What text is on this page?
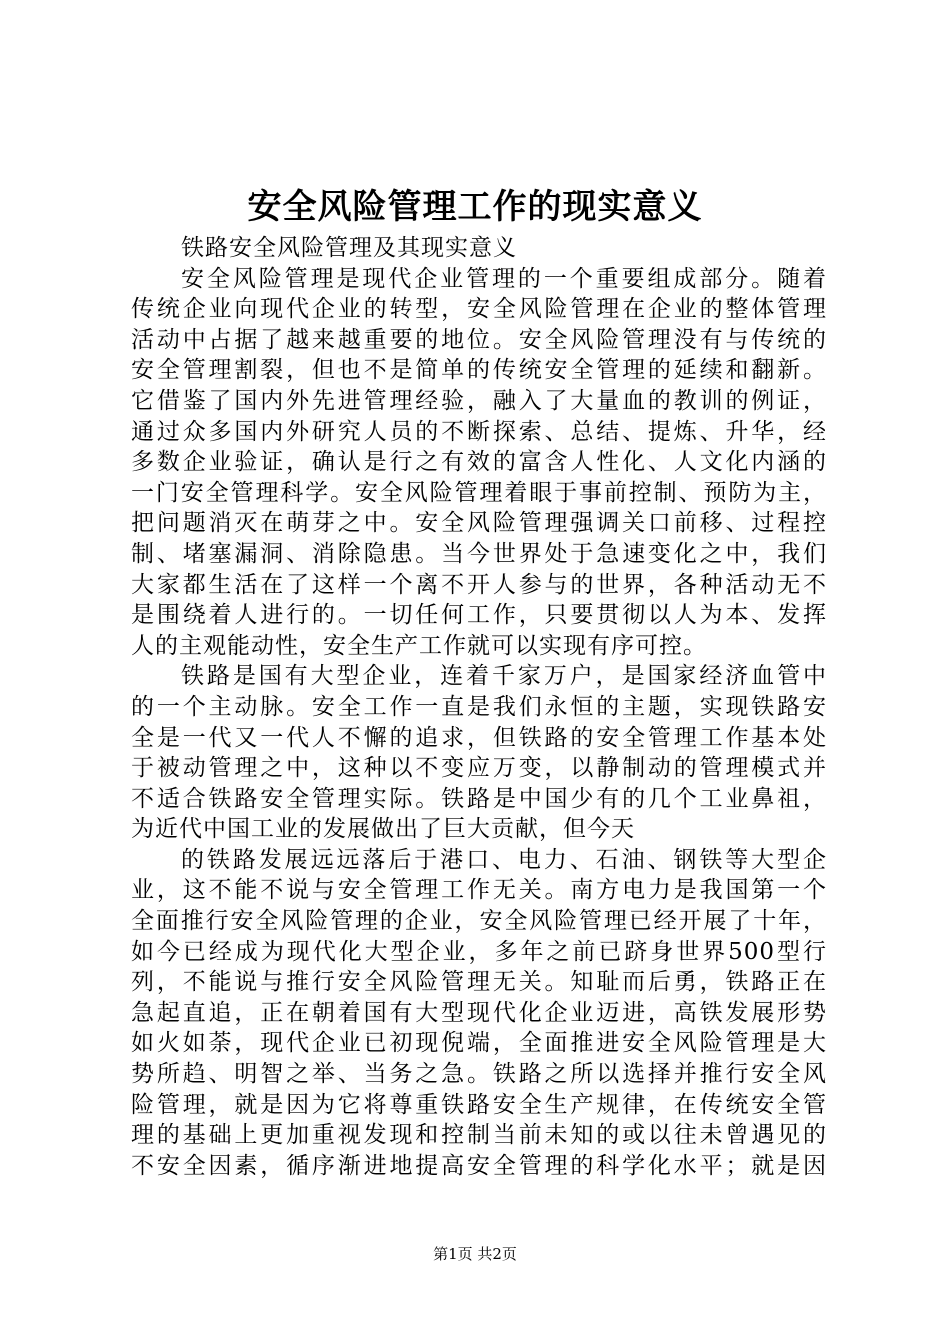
安全风险管理工作的现实意义
铁路安全风险管理及其现实意义
安全风险管理是现代企业管理的一个重要组成部分。随着
传统企业向现代企业的转型，安全风险管理在企业的整体管理
活动中占据了越来越重要的地位。安全风险管理没有与传统的
安全管理割裂，但也不是简单的传统安全管理的延续和翻新。
它借鉴了国内外先进管理经验，融入了大量血的教训的例证，
通过众多国内外研究人员的不断探索、总结、提炼、升华，经
多数企业验证，确认是行之有效的富含人性化、人文化内涵的
一门安全管理科学。安全风险管理着眼于事前控制、预防为主，
把问题消灭在萌芽之中。安全风险管理强调关口前移、过程控
制、堵塞漏洞、消除隐患。当今世界处于急速变化之中，我们
大家都生活在了这样一个离不开人参与的世界，各种活动无不
是围绕着人进行的。一切任何工作，只要贯彻以人为本、发挥
人的主观能动性，安全生产工作就可以实现有序可控。
铁路是国有大型企业，连着千家万户，是国家经济血管中
的一个主动脉。安全工作一直是我们永恒的主题，实现铁路安
全是一代又一代人不懈的追求，但铁路的安全管理工作基本处
于被动管理之中，这种以不变应万变，以静制动的管理模式并
不适合铁路安全管理实际。铁路是中国少有的几个工业鼻祖，
为近代中国工业的发展做出了巨大贡献，但今天
的铁路发展远远落后于港口、电力、石油、钢铁等大型企
业，这不能不说与安全管理工作无关。南方电力是我国第一个
全面推行安全风险管理的企业，安全风险管理已经开展了十年，
如今已经成为现代化大型企业，多年之前已跻身世界500型行
列，不能说与推行安全风险管理无关。知耻而后勇，铁路正在
急起直追，正在朝着国有大型现代化企业迈进，高铁发展形势
如火如荼，现代企业已初现倪端，全面推进安全风险管理是大
势所趋、明智之举、当务之急。铁路之所以选择并推行安全风
险管理，就是因为它将尊重铁路安全生产规律，在传统安全管
理的基础上更加重视发现和控制当前未知的或以往未曾遇见的
不安全因素，循序渐进地提高安全管理的科学化水平；就是因
第1页 共2页
